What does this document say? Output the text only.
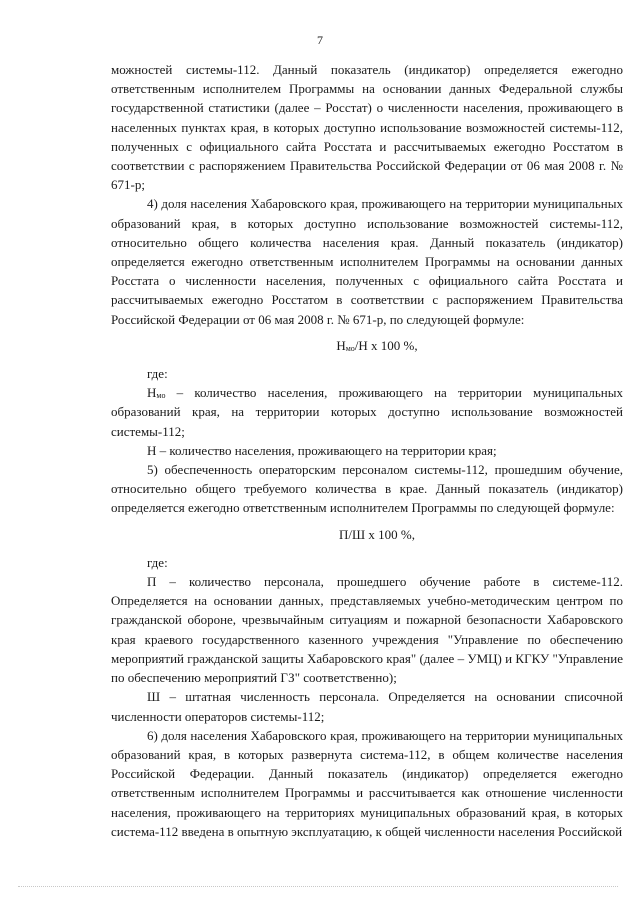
7

можностей системы-112. Данный показатель (индикатор) определяется ежегодно ответственным исполнителем Программы на основании данных Федеральной службы государственной статистики (далее – Росстат) о численности населения, проживающего в населенных пунктах края, в которых доступно использование возможностей системы-112, полученных с официального сайта Росстата и рассчитываемых ежегодно Росстатом в соответствии с распоряжением Правительства Российской Федерации от 06 мая 2008 г. № 671-р;

4) доля населения Хабаровского края, проживающего на территории муниципальных образований края, в которых доступно использование возможностей системы-112, относительно общего количества населения края. Данный показатель (индикатор) определяется ежегодно ответственным исполнителем Программы на основании данных Росстата о численности населения, полученных с официального сайта Росстата и рассчитываемых ежегодно Росстатом в соответствии с распоряжением Правительства Российской Федерации от 06 мая 2008 г. № 671-р, по следующей формуле:

$Н_{мо}/Н$ х 100 %,

где:

$Н_{мо}$ – количество населения, проживающего на территории муниципальных образований края, на территории которых доступно использование возможностей системы-112;

Н – количество населения, проживающего на территории края;

5) обеспеченность операторским персоналом системы-112, прошедшим обучение, относительно общего требуемого количества в крае. Данный показатель (индикатор) определяется ежегодно ответственным исполнителем Программы по следующей формуле:

П/Ш х 100 %,

где:

П – количество персонала, прошедшего обучение работе в системе-112. Определяется на основании данных, представляемых учебно-методическим центром по гражданской обороне, чрезвычайным ситуациям и пожарной безопасности Хабаровского края краевого государственного казенного учреждения "Управление по обеспечению мероприятий гражданской защиты Хабаровского края" (далее – УМЦ) и КГКУ "Управление по обеспечению мероприятий ГЗ" соответственно);

Ш – штатная численность персонала. Определяется на основании списочной численности операторов системы-112;

6) доля населения Хабаровского края, проживающего на территории муниципальных образований края, в которых развернута система-112, в общем количестве населения Российской Федерации. Данный показатель (индикатор) определяется ежегодно ответственным исполнителем Программы и рассчитывается как отношение численности населения, проживающего на территориях муниципальных образований края, в которых система-112 введена в опытную эксплуатацию, к общей численности населения Российской
